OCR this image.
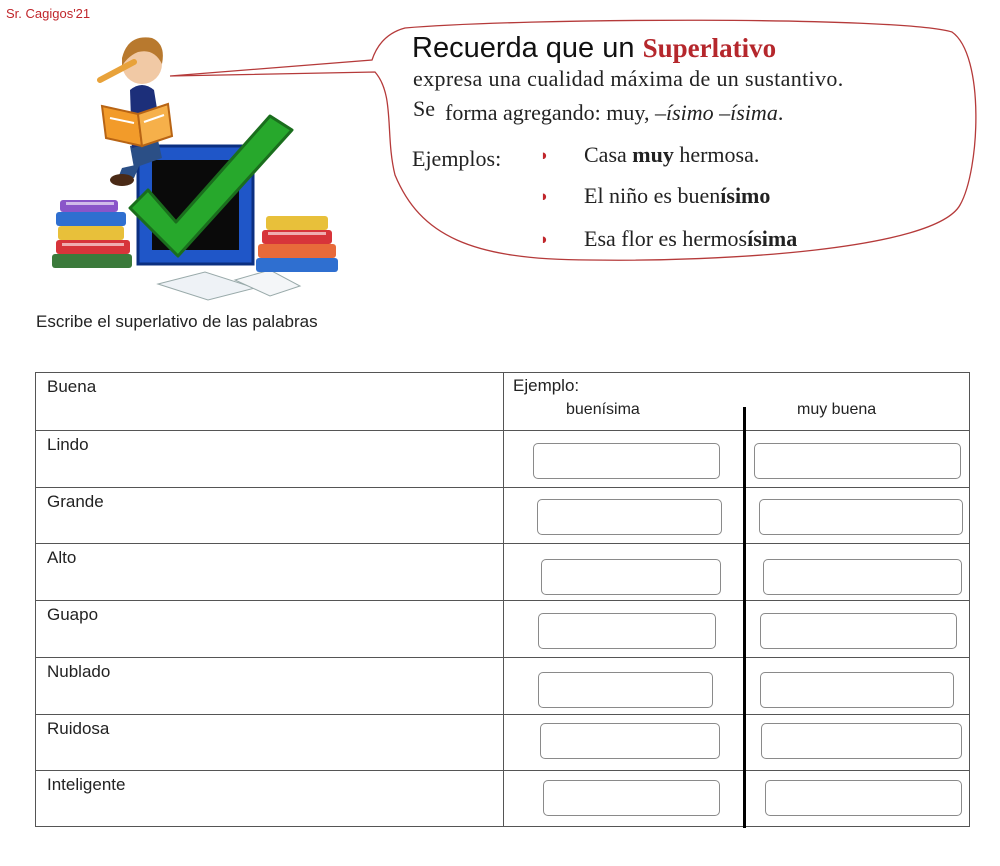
Sr. Cagigos'21
Recuerda que un Superlativo
expresa una cualidad máxima de un sustantivo.
Se forma agregando: muy, –ísimo –ísima.
Ejemplos:	◗ Casa muy hermosa.
◗ El niño es buenísimo
◗ Esa flor es hermosísima
Escribe el superlativo de las palabras
Buena	Ejemplo:
buenísima	muy buena
Lindo
Grande
Alto
Guapo
Nublado
Ruidosa
Inteligente
